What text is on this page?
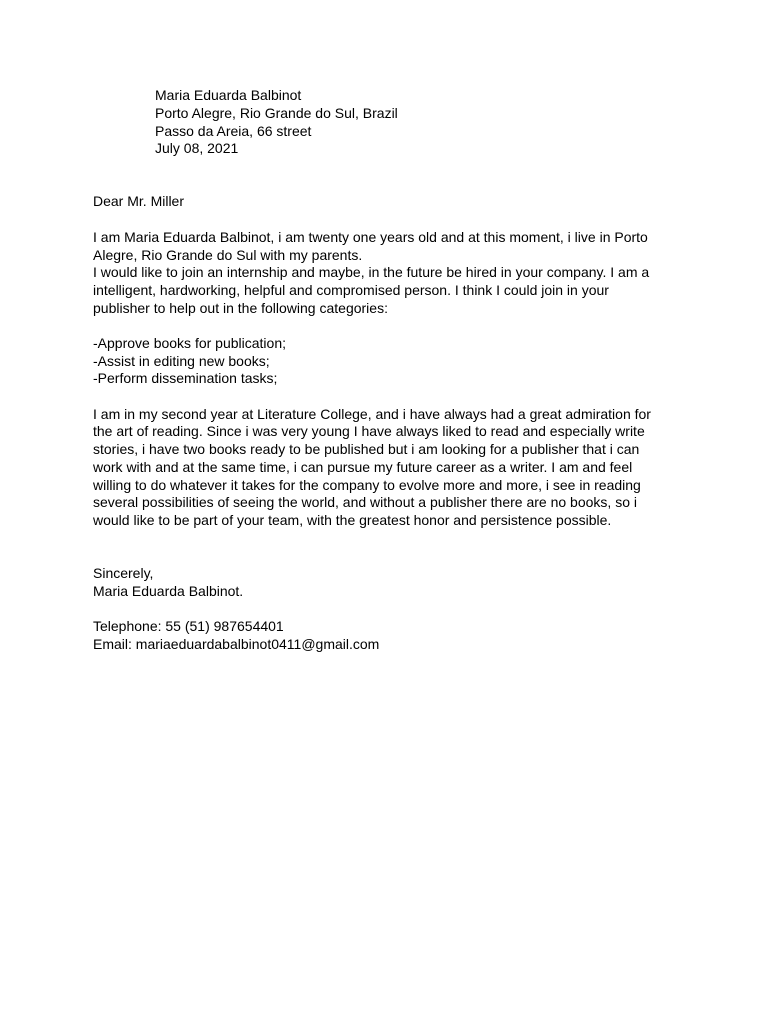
Maria Eduarda Balbinot
Porto Alegre, Rio Grande do Sul, Brazil
Passo da Areia, 66 street
July 08, 2021
Dear Mr. Miller
I am Maria Eduarda Balbinot, i am twenty one years old and at this moment, i live in Porto
Alegre, Rio Grande do Sul with my parents.
I would like to join an internship and maybe, in the future be hired in your company. I am a
intelligent, hardworking, helpful and compromised person. I think I could join in your
publisher to help out in the following categories:
-Approve books for publication;
-Assist in editing new books;
-Perform dissemination tasks;
I am in my second year at Literature College, and i have always had a great admiration for
the art of reading. Since i was very young I have always liked to read and especially write
stories, i have two books ready to be published but i am looking for a publisher that i can
work with and at the same time, i can pursue my future career as a writer. I am and feel
willing to do whatever it takes for the company to evolve more and more, i see in reading
several possibilities of seeing the world, and without a publisher there are no books, so i
would like to be part of your team, with the greatest honor and persistence possible.
Sincerely,
Maria Eduarda Balbinot.
Telephone: 55 (51) 987654401
Email: mariaeduardabalbinot0411@gmail.com
